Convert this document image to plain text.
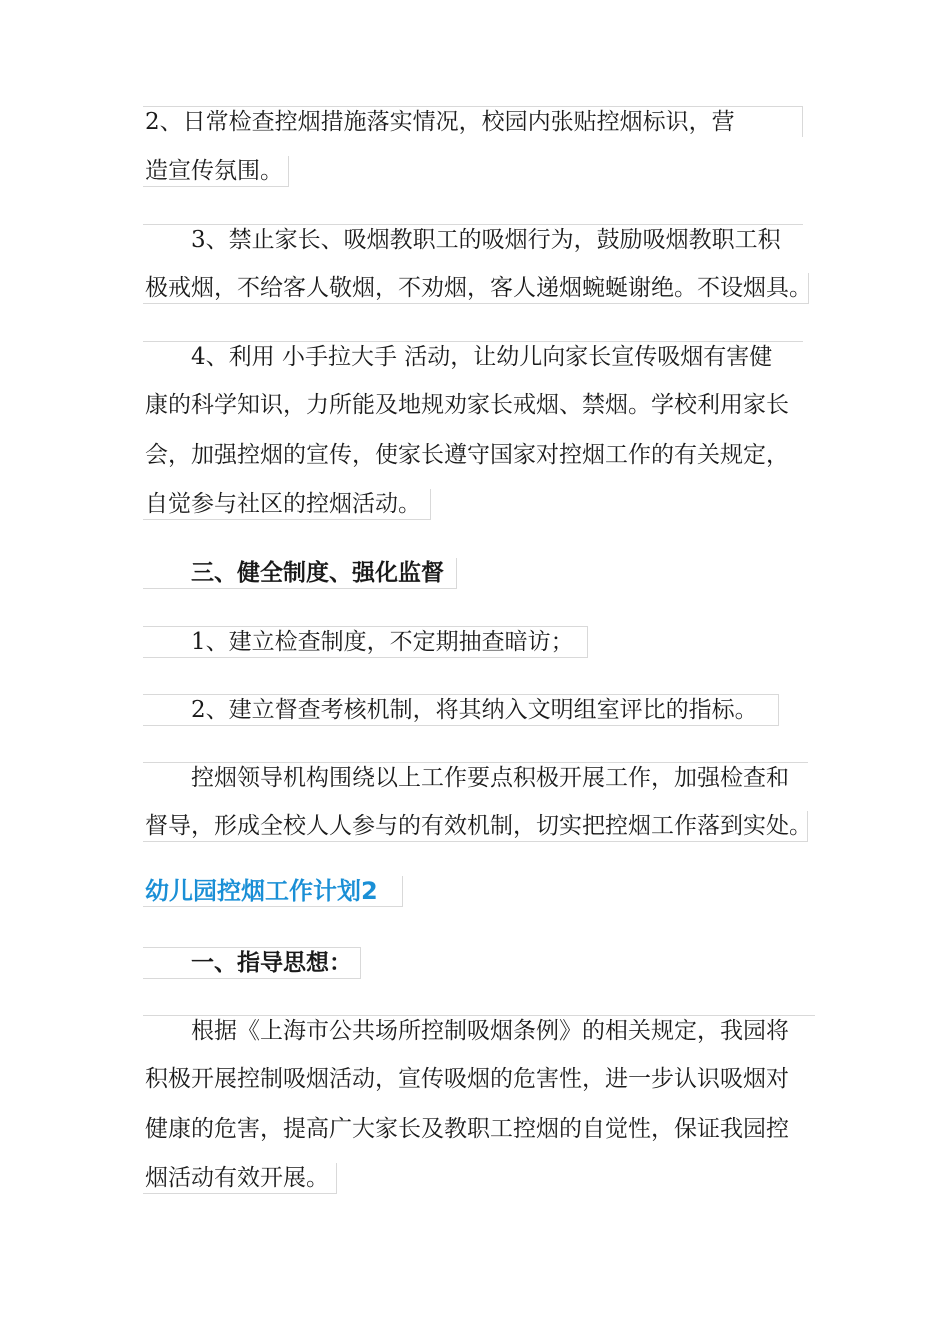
2、日常检查控烟措施落实情况，校园内张贴控烟标识，营
造宣传氛围。
3、禁止家长、吸烟教职工的吸烟行为，鼓励吸烟教职工积
极戒烟，不给客人敬烟，不劝烟，客人递烟蜿蜒谢绝。不设烟具。
4、利用 小手拉大手 活动，让幼儿向家长宣传吸烟有害健
康的科学知识，力所能及地规劝家长戒烟、禁烟。学校利用家长
会，加强控烟的宣传，使家长遵守国家对控烟工作的有关规定，
自觉参与社区的控烟活动。
三、健全制度、强化监督
1、建立检查制度，不定期抽查暗访；
2、建立督查考核机制，将其纳入文明组室评比的指标。
控烟领导机构围绕以上工作要点积极开展工作，加强检查和
督导，形成全校人人参与的有效机制，切实把控烟工作落到实处。
幼儿园控烟工作计划2
一、指导思想：
根据《上海市公共场所控制吸烟条例》的相关规定，我园将
积极开展控制吸烟活动，宣传吸烟的危害性，进一步认识吸烟对
健康的危害，提高广大家长及教职工控烟的自觉性，保证我园控
烟活动有效开展。
